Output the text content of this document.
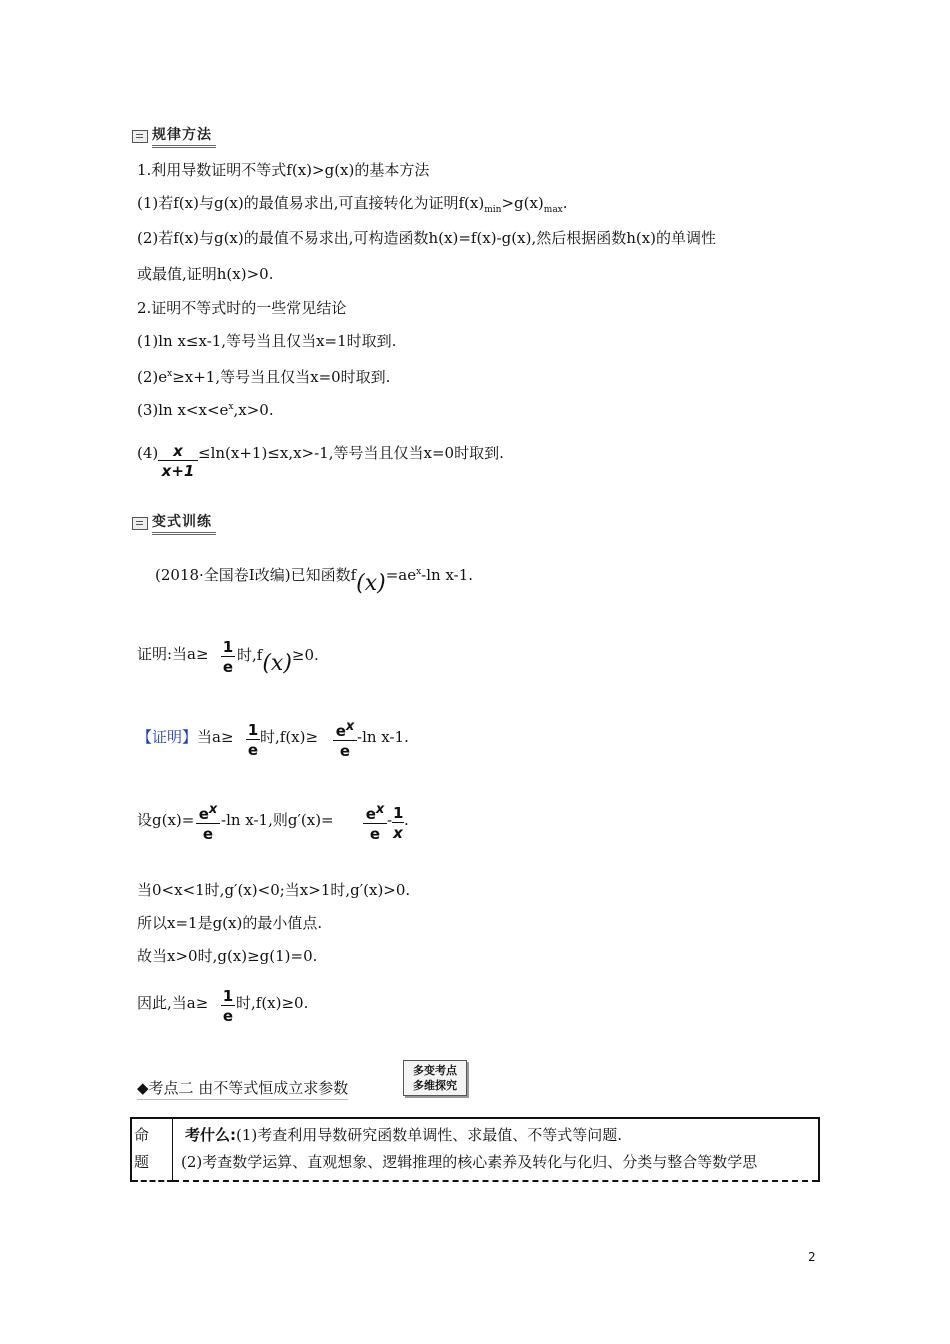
规律方法
1.利用导数证明不等式f(x)>g(x)的基本方法
(1)若f(x)与g(x)的最值易求出,可直接转化为证明$f(x)_{min}>g(x)_{max}$.
(2)若f(x)与g(x)的最值不易求出,可构造函数h(x)=f(x)-g(x),然后根据函数h(x)的单调性
或最值,证明h(x)>0.
2.证明不等式时的一些常见结论
(1)ln x≤x-1,等号当且仅当x=1时取到.
$(2)e^x\ge x+1$,等号当且仅当x=0时取到.
(3)ln $x<x<e^x,x>0$.
$(4) \frac{x}{x+1} \le\ln(x+1)\le x,x>-1$,等号当且仅当x=0时取到.
变式训练
(2018·全国卷Ⅰ改编)已知函数$f(x)=ae^x-\ln$ x-1.
证明:当$a\ge \frac{1}{e}$ 时,f(x)≥0.
【证明】当$a\ge \frac{1}{e}$ 时$,f(x)\ge \frac{ex}{e} -\ln$ x-1.
设$g(x)= \frac{ex}{e} -\ln$ x-1,则$g'(x)= \frac{ex}{e} - \frac{1}{x}$ .
当0<x<1时,g′(x)<0;当x>1时,g′(x)>0.
所以x=1是g(x)的最小值点.
故当x>0时,g(x)≥g(1)=0.
因此,当$a\ge \frac{1}{e}$ 时,f(x)≥0.
◆考点二 由不等式恒成立求参数
多变考点
多维探究
命	考什么:(1)考查利用导数研究函数单调性、求最值、不等式等问题.
题	(2)考查数学运算、直观想象、逻辑推理的核心素养及转化与化归、分类与整合等数学思
2
